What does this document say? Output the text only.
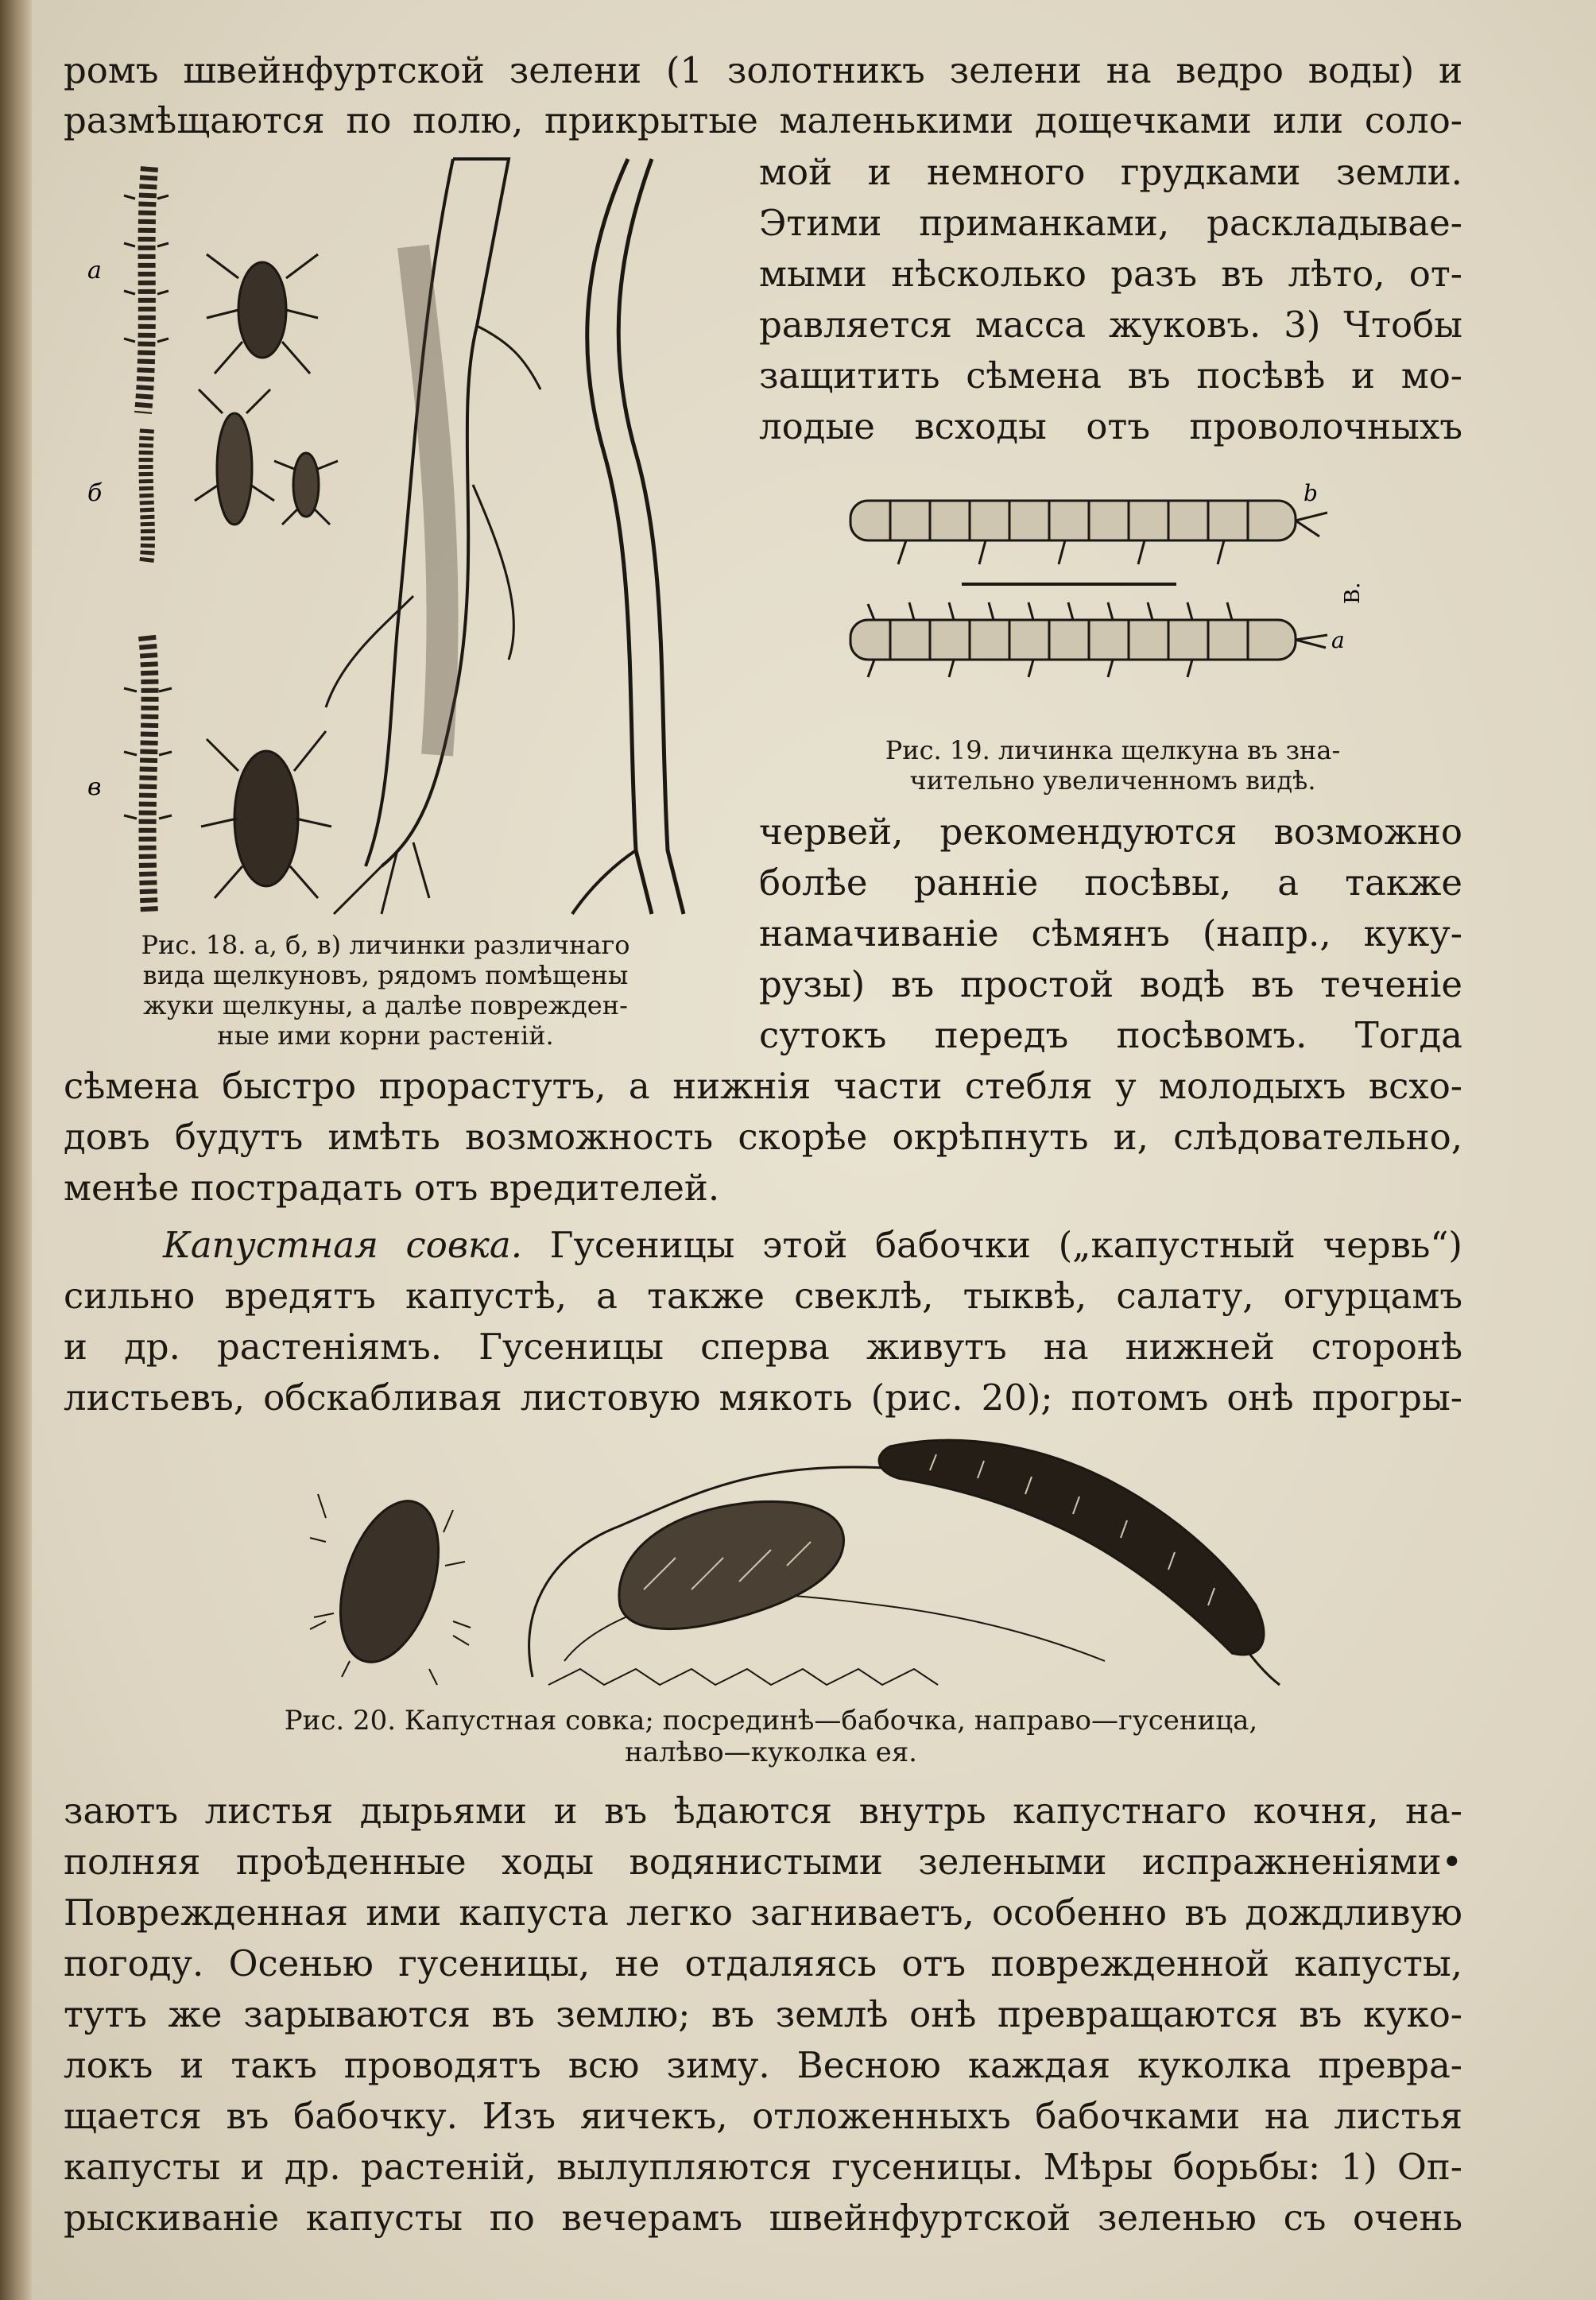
ромъ швейнфуртской зелени (1 золотникъ зелени на ведро воды) и
размѣщаются по полю, прикрытые маленькими дощечками или соло-
мой и немного грудками земли.
Этими приманками, раскладывае-
мыми нѣсколько разъ въ лѣто, от-
равляется масса жуковъ. 3) Чтобы
защитить сѣмена въ посѣвѣ и мо-
лодые всходы отъ проволочныхъ
а
б
в
Рис. 18. а, б, в) личинки различнаго
вида щелкуновъ, рядомъ помѣщены
жуки щелкуны, а далѣе поврежден-
ные ими корни растеній.
b
a
В.
Рис. 19. личинка щелкуна въ зна-
чительно увеличенномъ видѣ.
червей, рекомендуются возможно
болѣе ранніе посѣвы, а также
намачиваніе сѣмянъ (напр., куку-
рузы) въ простой водѣ въ теченіе
сутокъ передъ посѣвомъ. Тогда
сѣмена быстро прорастутъ, а нижнія части стебля у молодыхъ всхо-
довъ будутъ имѣть возможность скорѣе окрѣпнуть и, слѣдовательно,
менѣе пострадать отъ вредителей.
Капустная совка. Гусеницы этой бабочки („капустный червь“)
сильно вредятъ капустѣ, а также свеклѣ, тыквѣ, салату, огурцамъ
и др. растеніямъ. Гусеницы сперва живутъ на нижней сторонѣ
листьевъ, обскабливая листовую мякоть (рис. 20); потомъ онѣ прогры-
Рис. 20. Капустная совка; посрединѣ—бабочка, направо—гусеница,
налѣво—куколка ея.
заютъ листья дырьями и въ ѣдаются внутрь капустнаго кочня, на-
полняя проѣденные ходы водянистыми зелеными испражненіями•
Поврежденная ими капуста легко загниваетъ, особенно въ дождливую
погоду. Осенью гусеницы, не отдаляясь отъ поврежденной капусты,
тутъ же зарываются въ землю; въ землѣ онѣ превращаются въ куко-
локъ и такъ проводятъ всю зиму. Весною каждая куколка превра-
щается въ бабочку. Изъ яичекъ, отложенныхъ бабочками на листья
капусты и др. растеній, вылупляются гусеницы. Мѣры борьбы: 1) Оп-
рыскиваніе капусты по вечерамъ швейнфуртской зеленью съ очень
